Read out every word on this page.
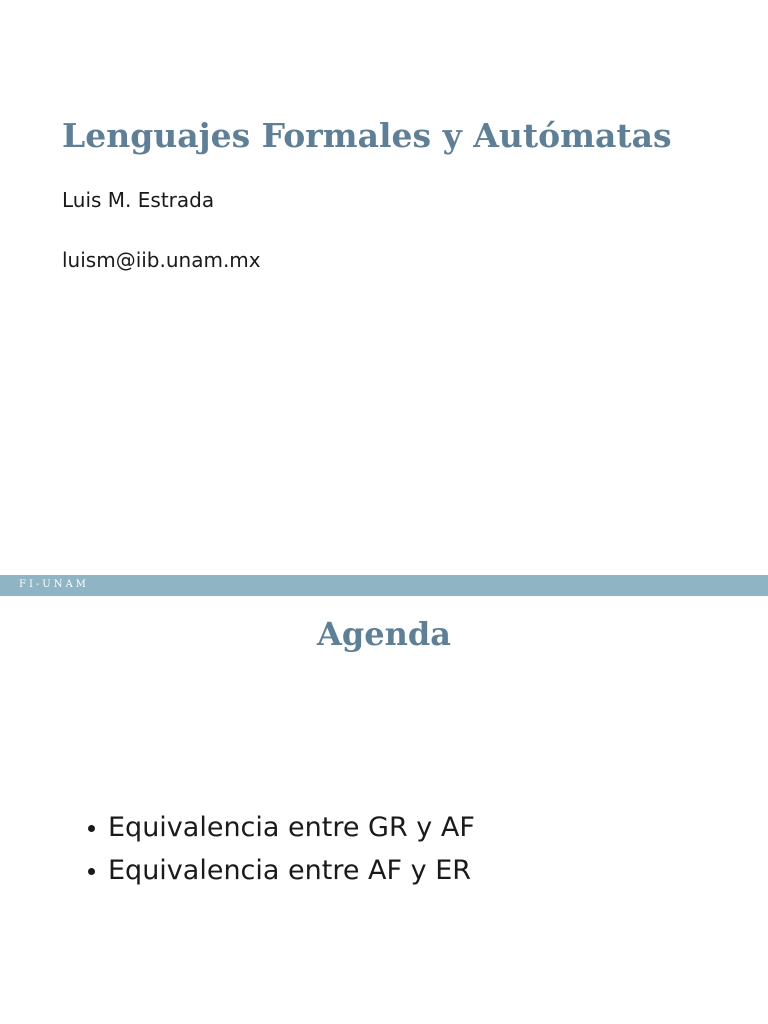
Lenguajes Formales y Autómatas
Luis M. Estrada
luism@iib.unam.mx
FI-UNAM
Agenda
Equivalencia entre GR y AF
Equivalencia entre AF y ER
